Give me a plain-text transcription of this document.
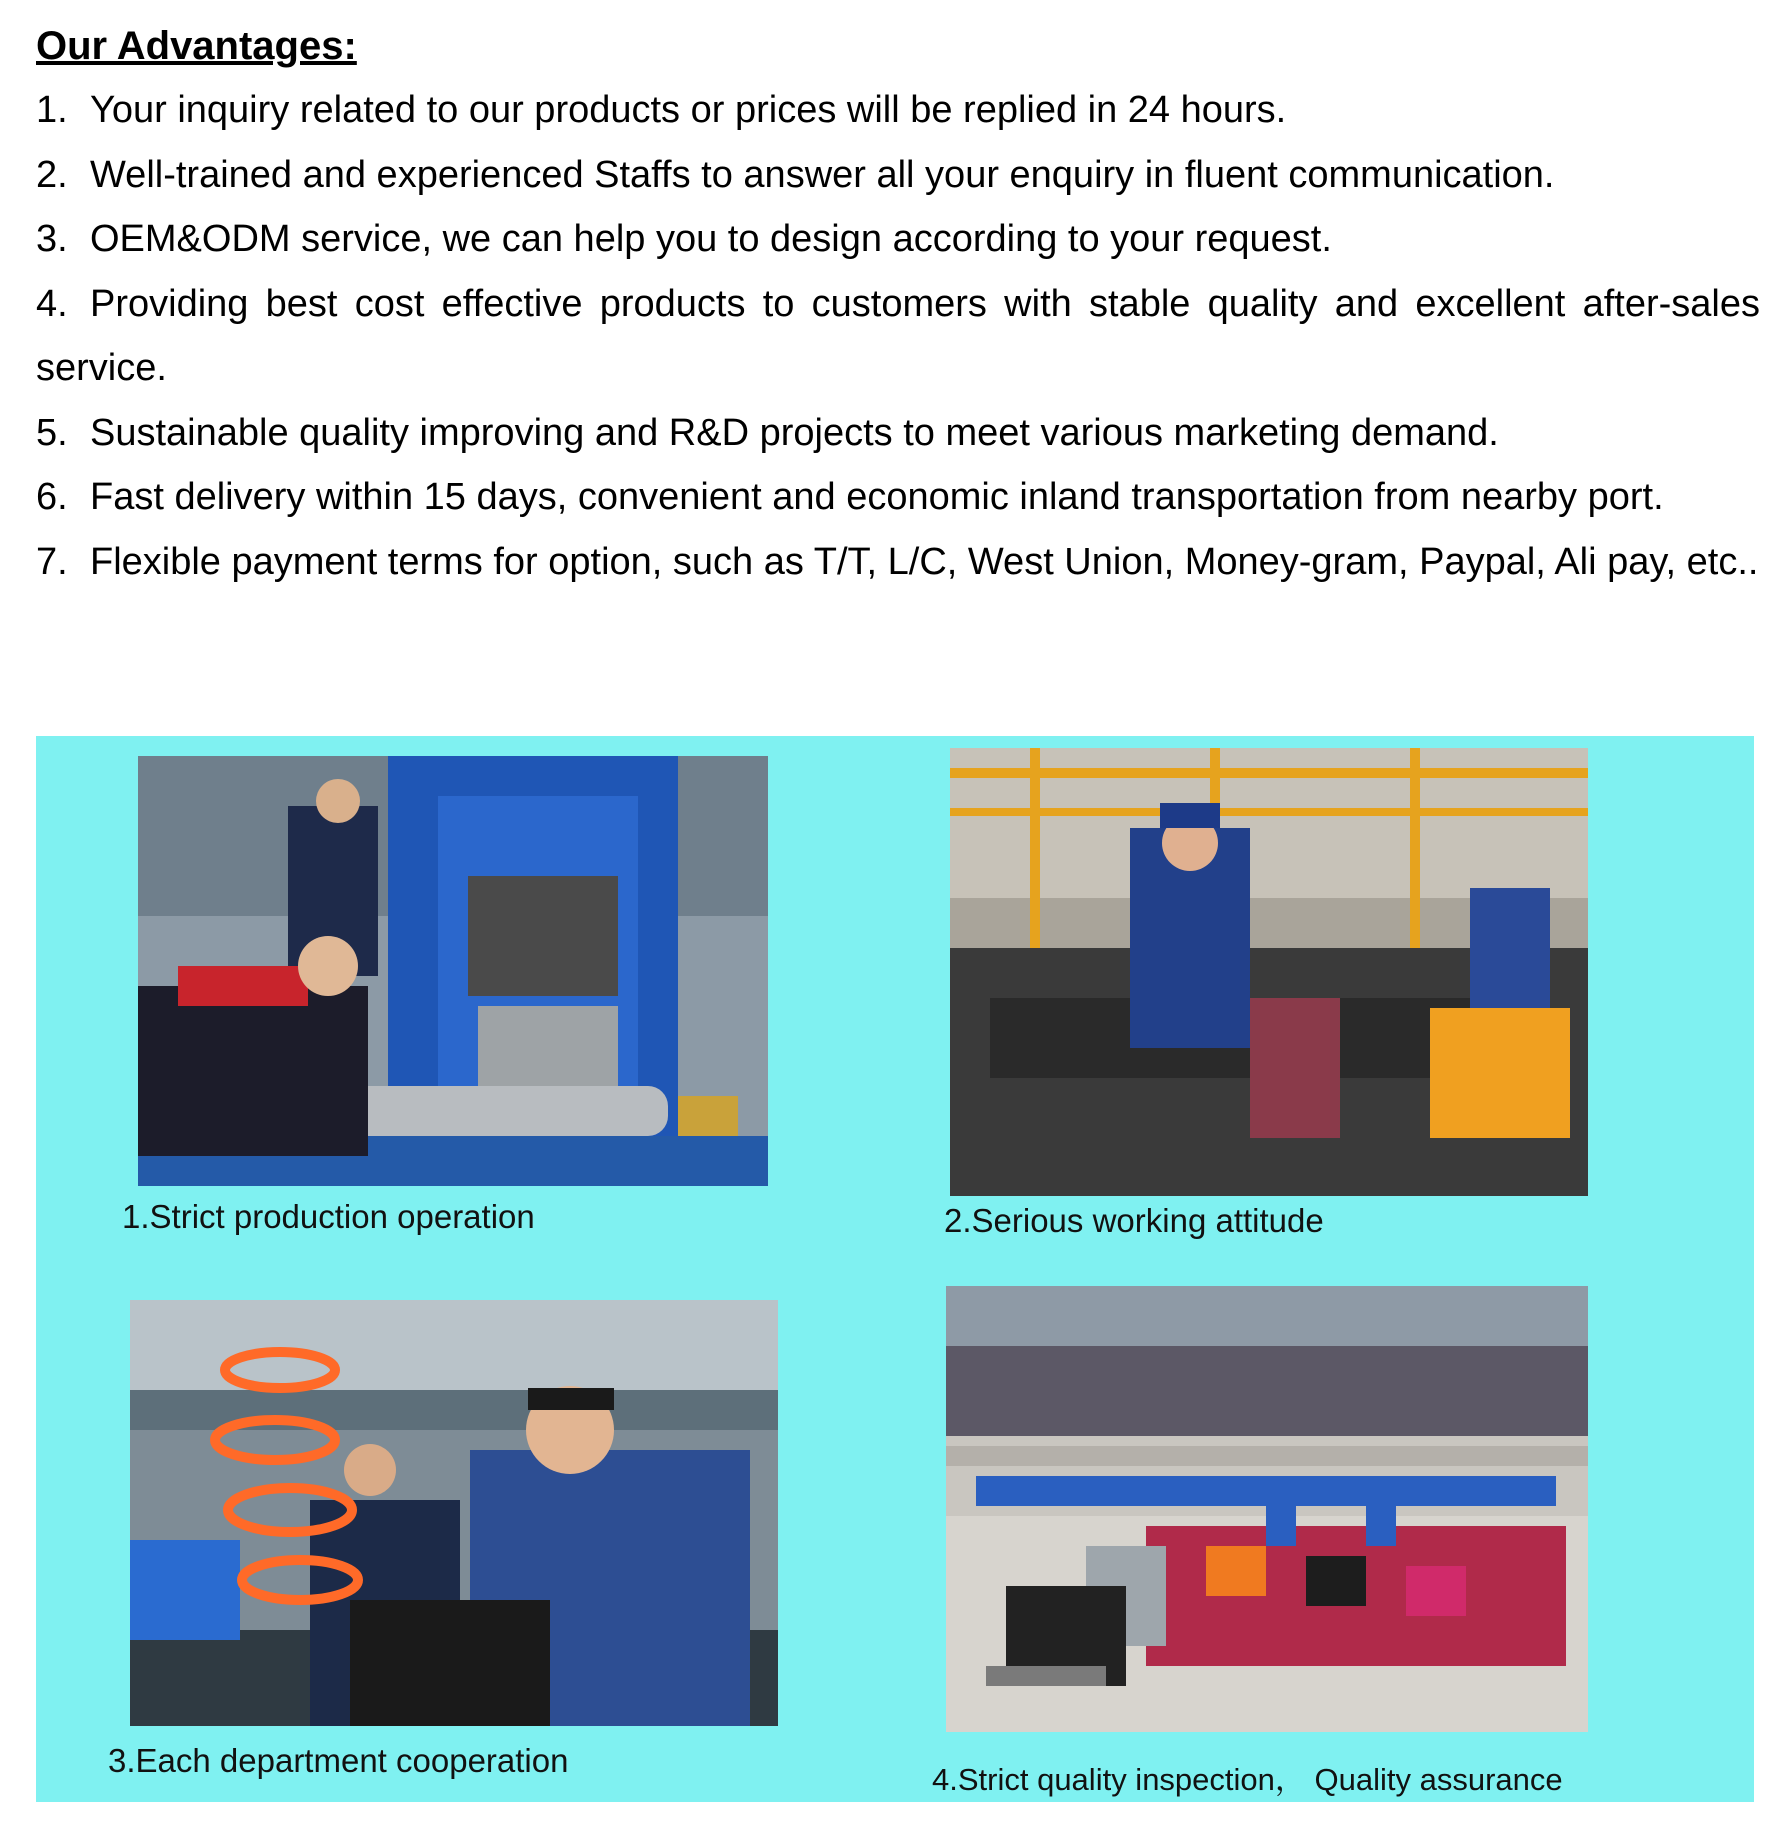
Our Advantages:
1. Your inquiry related to our products or prices will be replied in 24 hours.
2. Well-trained and experienced Staffs to answer all your enquiry in fluent communication.
3. OEM&ODM service, we can help you to design according to your request.
4. Providing best cost effective products to customers with stable quality and excellent after-sales service.
5. Sustainable quality improving and R&D projects to meet various marketing demand.
6. Fast delivery within 15 days, convenient and economic inland transportation from nearby port.
7. Flexible payment terms for option, such as T/T, L/C, West Union, Money-gram, Paypal, Ali pay, etc..
1.Strict production operation	2.Serious working attitude
3.Each department cooperation
4.Strict quality inspection， Quality assurance
